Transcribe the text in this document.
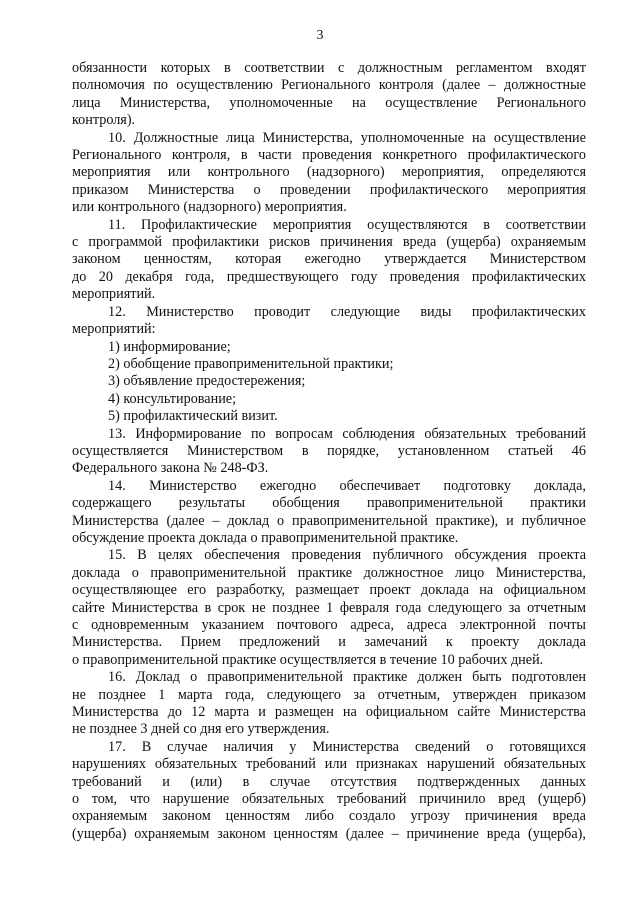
3
обязанности которых в соответствии с должностным регламентом входят
полномочия по осуществлению Регионального контроля (далее – должностные
лица Министерства, уполномоченные на осуществление Регионального
контроля).
10. Должностные лица Министерства, уполномоченные на осуществление
Регионального контроля, в части проведения конкретного профилактического
мероприятия или контрольного (надзорного) мероприятия, определяются
приказом Министерства о проведении профилактического мероприятия
или контрольного (надзорного) мероприятия.
11. Профилактические мероприятия осуществляются в соответствии
с программой профилактики рисков причинения вреда (ущерба) охраняемым
законом ценностям, которая ежегодно утверждается Министерством
до 20 декабря года, предшествующего году проведения профилактических
мероприятий.
12. Министерство проводит следующие виды профилактических
мероприятий:
1) информирование;
2) обобщение правоприменительной практики;
3) объявление предостережения;
4) консультирование;
5) профилактический визит.
13. Информирование по вопросам соблюдения обязательных требований
осуществляется Министерством в порядке, установленном статьей 46
Федерального закона № 248-ФЗ.
14. Министерство ежегодно обеспечивает подготовку доклада,
содержащего результаты обобщения правоприменительной практики
Министерства (далее – доклад о правоприменительной практике), и публичное
обсуждение проекта доклада о правоприменительной практике.
15. В целях обеспечения проведения публичного обсуждения проекта
доклада о правоприменительной практике должностное лицо Министерства,
осуществляющее его разработку, размещает проект доклада на официальном
сайте Министерства в срок не позднее 1 февраля года следующего за отчетным
с одновременным указанием почтового адреса, адреса электронной почты
Министерства. Прием предложений и замечаний к проекту доклада
о правоприменительной практике осуществляется в течение 10 рабочих дней.
16. Доклад о правоприменительной практике должен быть подготовлен
не позднее 1 марта года, следующего за отчетным, утвержден приказом
Министерства до 12 марта и размещен на официальном сайте Министерства
не позднее 3 дней со дня его утверждения.
17. В случае наличия у Министерства сведений о готовящихся
нарушениях обязательных требований или признаках нарушений обязательных
требований и (или) в случае отсутствия подтвержденных данных
о том, что нарушение обязательных требований причинило вред (ущерб)
охраняемым законом ценностям либо создало угрозу причинения вреда
(ущерба) охраняемым законом ценностям (далее – причинение вреда (ущерба),
